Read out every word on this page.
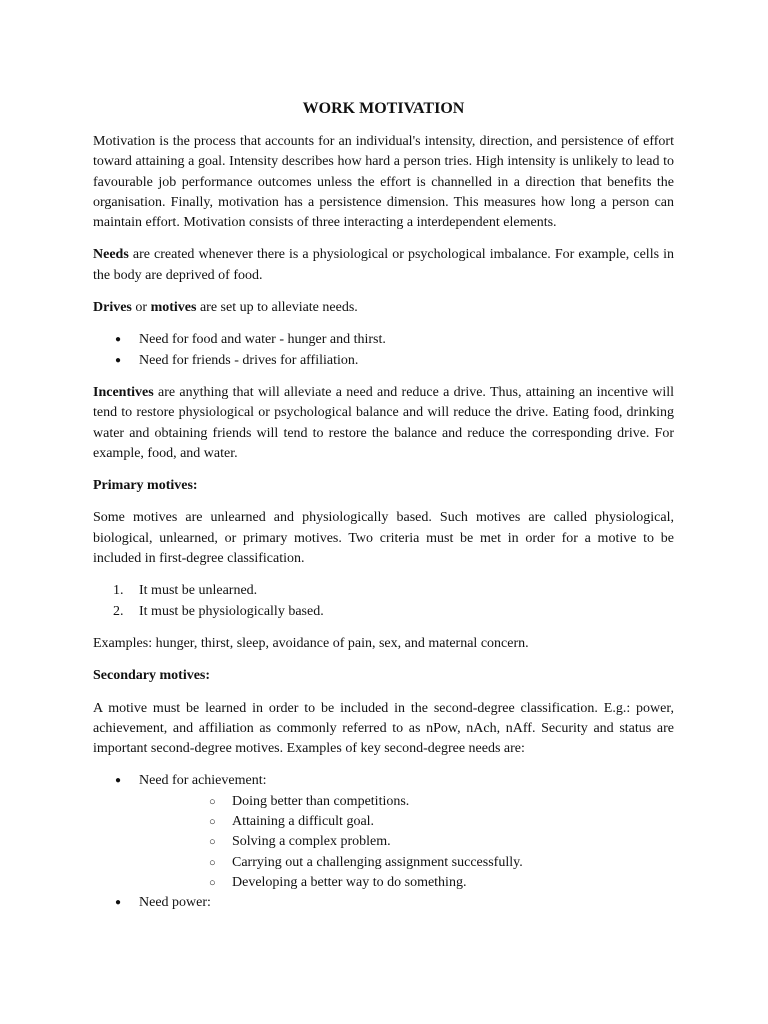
WORK MOTIVATION

Motivation is the process that accounts for an individual's intensity, direction, and persistence of effort toward attaining a goal. Intensity describes how hard a person tries. High intensity is unlikely to lead to favourable job performance outcomes unless the effort is channelled in a direction that benefits the organisation. Finally, motivation has a persistence dimension. This measures how long a person can maintain effort. Motivation consists of three interacting a interdependent elements.

Needs are created whenever there is a physiological or psychological imbalance. For example, cells in the body are deprived of food.

Drives or motives are set up to alleviate needs.

● Need for food and water - hunger and thirst.
● Need for friends - drives for affiliation.

Incentives are anything that will alleviate a need and reduce a drive. Thus, attaining an incentive will tend to restore physiological or psychological balance and will reduce the drive. Eating food, drinking water and obtaining friends will tend to restore the balance and reduce the corresponding drive. For example, food, and water.

Primary motives:

Some motives are unlearned and physiologically based. Such motives are called physiological, biological, unlearned, or primary motives. Two criteria must be met in order for a motive to be included in first-degree classification.

1. It must be unlearned.
2. It must be physiologically based.

Examples: hunger, thirst, sleep, avoidance of pain, sex, and maternal concern.

Secondary motives:

A motive must be learned in order to be included in the second-degree classification. E.g.: power, achievement, and affiliation as commonly referred to as nPow, nAch, nAff. Security and status are important second-degree motives. Examples of key second-degree needs are:

● Need for achievement:
○ Doing better than competitions.
○ Attaining a difficult goal.
○ Solving a complex problem.
○ Carrying out a challenging assignment successfully.
○ Developing a better way to do something.
● Need power:
